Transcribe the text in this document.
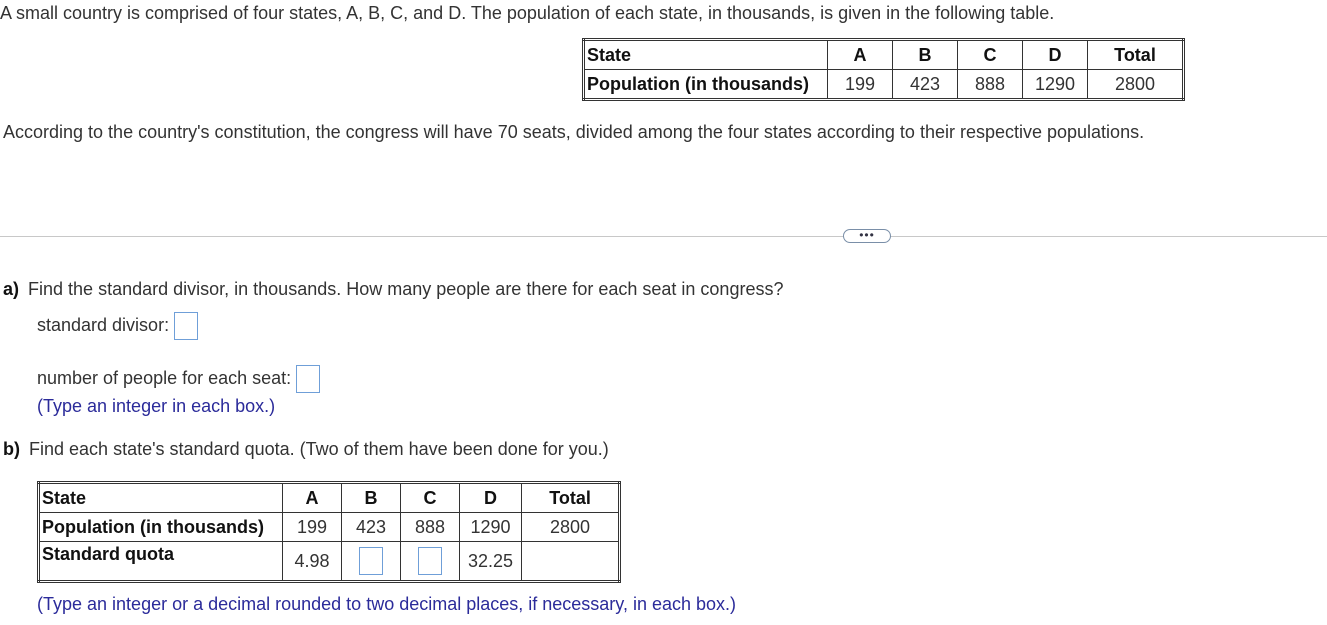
A small country is comprised of four states, A, B, C, and D. The population of each state, in thousands, is given in the following table.
State	A	B	C	D	Total
Population (in thousands)	199	423	888	1290	2800
According to the country's constitution, the congress will have 70 seats, divided among the four states according to their respective populations.
•••
a) Find the standard divisor, in thousands. How many people are there for each seat in congress?
standard divisor:
number of people for each seat:
(Type an integer in each box.)
b) Find each state's standard quota. (Two of them have been done for you.)
State	A	B	C	D	Total
Population (in thousands)	199	423	888	1290	2800
Standard quota	4.98			32.25	
(Type an integer or a decimal rounded to two decimal places, if necessary, in each box.)
